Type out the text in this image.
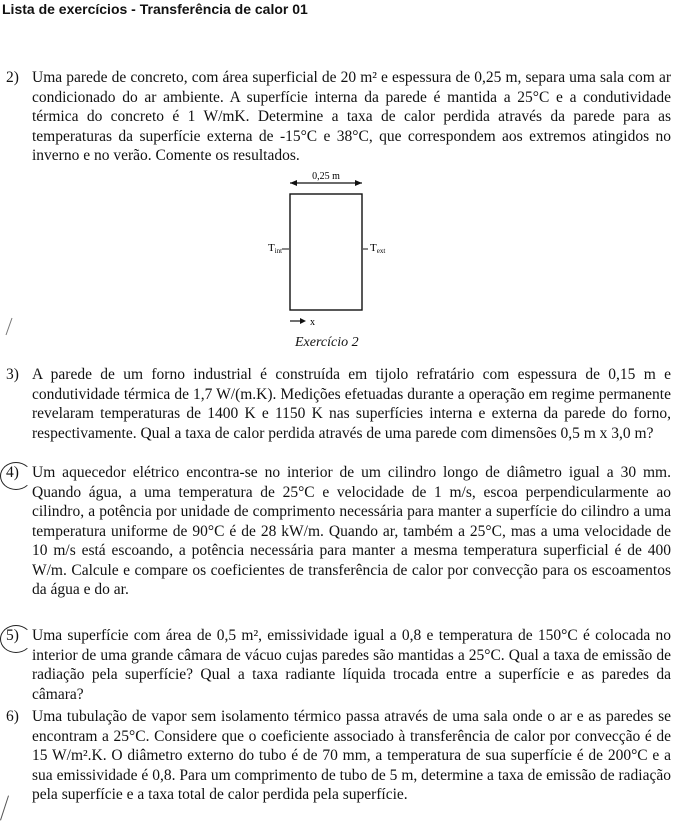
Lista de exercícios - Transferência de calor 01
2) Uma parede de concreto, com área superficial de 20 m² e espessura de 0,25 m, separa uma sala com ar condicionado do ar ambiente. A superfície interna da parede é mantida a 25°C e a condutividade térmica do concreto é 1 W/mK. Determine a taxa de calor perdida através da parede para as temperaturas da superfície externa de -15°C e 38°C, que correspondem aos extremos atingidos no inverno e no verão. Comente os resultados.
0,25 m
Tint	Text
x
Exercício 2
3) A parede de um forno industrial é construída em tijolo refratário com espessura de 0,15 m e condutividade térmica de 1,7 W/(m.K). Medições efetuadas durante a operação em regime permanente revelaram temperaturas de 1400 K e 1150 K nas superfícies interna e externa da parede do forno, respectivamente. Qual a taxa de calor perdida através de uma parede com dimensões 0,5 m x 3,0 m?
4) Um aquecedor elétrico encontra-se no interior de um cilindro longo de diâmetro igual a 30 mm. Quando água, a uma temperatura de 25°C e velocidade de 1 m/s, escoa perpendicularmente ao cilindro, a potência por unidade de comprimento necessária para manter a superfície do cilindro a uma temperatura uniforme de 90°C é de 28 kW/m. Quando ar, também a 25°C, mas a uma velocidade de 10 m/s está escoando, a potência necessária para manter a mesma temperatura superficial é de 400 W/m. Calcule e compare os coeficientes de transferência de calor por convecção para os escoamentos da água e do ar.
5) Uma superfície com área de 0,5 m², emissividade igual a 0,8 e temperatura de 150°C é colocada no interior de uma grande câmara de vácuo cujas paredes são mantidas a 25°C. Qual a taxa de emissão de radiação pela superfície? Qual a taxa radiante líquida trocada entre a superfície e as paredes da câmara?
6) Uma tubulação de vapor sem isolamento térmico passa através de uma sala onde o ar e as paredes se encontram a 25°C. Considere que o coeficiente associado à transferência de calor por convecção é de 15 W/m².K. O diâmetro externo do tubo é de 70 mm, a temperatura de sua superfície é de 200°C e a sua emissividade é 0,8. Para um comprimento de tubo de 5 m, determine a taxa de emissão de radiação pela superfície e a taxa total de calor perdida pela superfície.
